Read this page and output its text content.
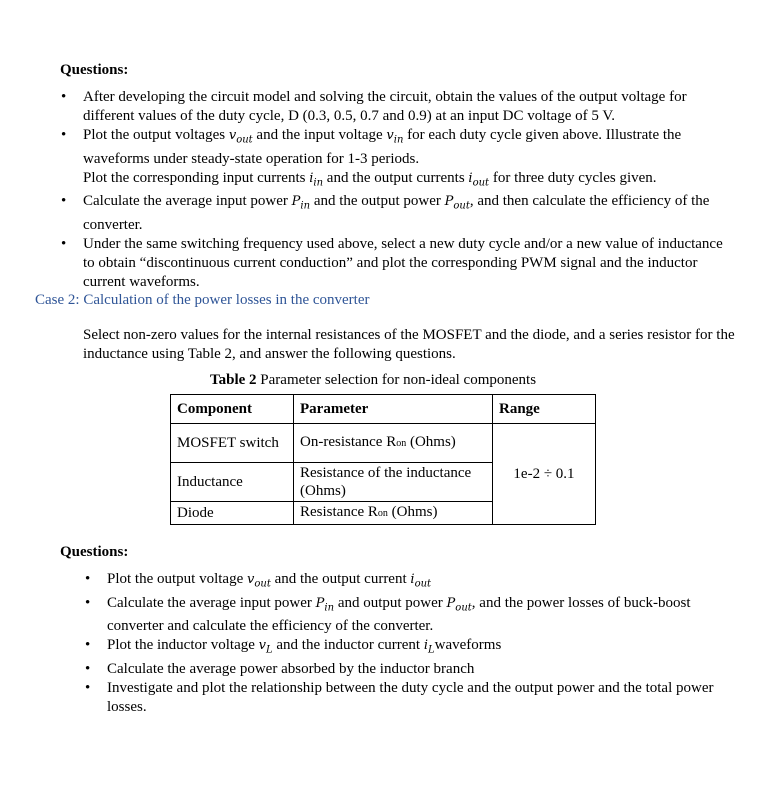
Questions:
• After developing the circuit model and solving the circuit, obtain the values of the output voltage for different values of the duty cycle, D (0.3, 0.5, 0.7 and 0.9) at an input DC voltage of 5 V.
• Plot the output voltages $v_{out}$ and the input voltage $v_{in}$ for each duty cycle given above. Illustrate the waveforms under steady-state operation for 1-3 periods.
Plot the corresponding input currents $i_{in}$ and the output currents $i_{out}$ for three duty cycles given.
• Calculate the average input power $P_{in}$ and the output power $P_{out}$, and then calculate the efficiency of the converter.
• Under the same switching frequency used above, select a new duty cycle and/or a new value of inductance to obtain “discontinuous current conduction” and plot the corresponding PWM signal and the inductor current waveforms.
Case 2: Calculation of the power losses in the converter
Select non-zero values for the internal resistances of the MOSFET and the diode, and a series resistor for the inductance using Table 2, and answer the following questions.
Table 2 Parameter selection for non-ideal components
Component	Parameter	Range
MOSFET switch	On-resistance Ron (Ohms)	1e-2 ÷ 0.1
Inductance	Resistance of the inductance (Ohms)	
Diode	Resistance Ron (Ohms)	
Questions:
• Plot the output voltage $v_{out}$ and the output current $i_{out}$
• Calculate the average input power $P_{in}$ and output power $P_{out}$, and the power losses of buck-boost converter and calculate the efficiency of the converter.
• Plot the inductor voltage $v_L$ and the inductor current $i_Lwaveforms$
• Calculate the average power absorbed by the inductor branch
• Investigate and plot the relationship between the duty cycle and the output power and the total power losses.
